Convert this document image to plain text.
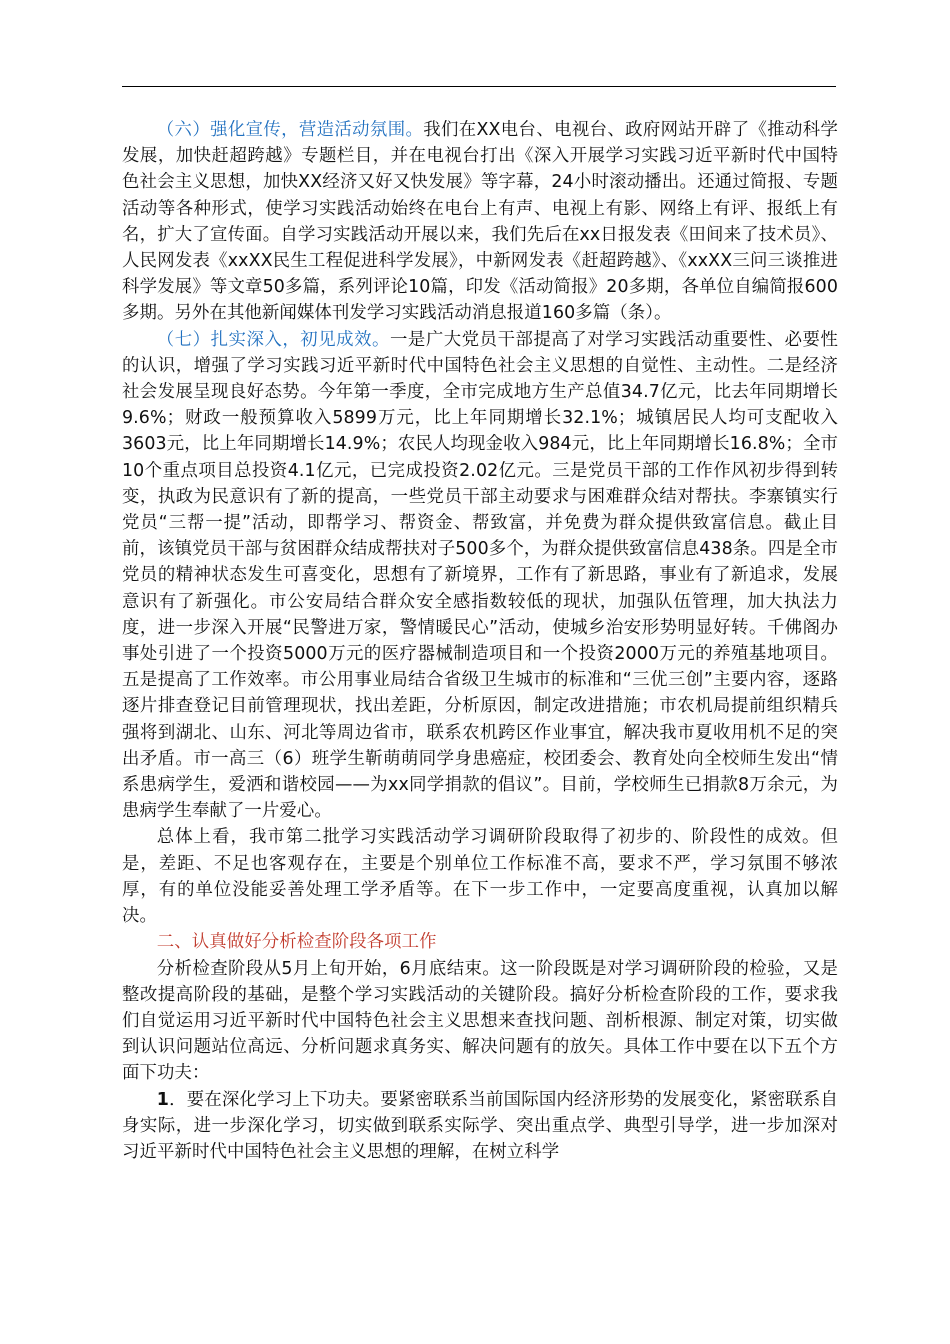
（六）强化宣传，营造活动氛围。我们在XX电台、电视台、政府网站开辟了《推动科学发展，加快赶超跨越》专题栏目，并在电视台打出《深入开展学习实践习近平新时代中国特色社会主义思想，加快XX经济又好又快发展》等字幕，24小时滚动播出。还通过简报、专题活动等各种形式，使学习实践活动始终在电台上有声、电视上有影、网络上有评、报纸上有名，扩大了宣传面。自学习实践活动开展以来，我们先后在xx日报发表《田间来了技术员》、人民网发表《xxXX民生工程促进科学发展》，中新网发表《赶超跨越》、《xxXX三问三谈推进科学发展》等文章50多篇，系列评论10篇，印发《活动简报》20多期，各单位自编简报600多期。另外在其他新闻媒体刊发学习实践活动消息报道160多篇（条）。

（七）扎实深入，初见成效。一是广大党员干部提高了对学习实践活动重要性、必要性的认识，增强了学习实践习近平新时代中国特色社会主义思想的自觉性、主动性。二是经济社会发展呈现良好态势。今年第一季度，全市完成地方生产总值34.7亿元，比去年同期增长9.6%；财政一般预算收入5899万元，比上年同期增长32.1%；城镇居民人均可支配收入3603元，比上年同期增长14.9%；农民人均现金收入984元，比上年同期增长16.8%；全市10个重点项目总投资4.1亿元，已完成投资2.02亿元。三是党员干部的工作作风初步得到转变，执政为民意识有了新的提高，一些党员干部主动要求与困难群众结对帮扶。李寨镇实行党员“三帮一提”活动，即帮学习、帮资金、帮致富，并免费为群众提供致富信息。截止目前，该镇党员干部与贫困群众结成帮扶对子500多个，为群众提供致富信息438条。四是全市党员的精神状态发生可喜变化，思想有了新境界，工作有了新思路，事业有了新追求，发展意识有了新强化。市公安局结合群众安全感指数较低的现状，加强队伍管理，加大执法力度，进一步深入开展“民警进万家，警情暖民心”活动，使城乡治安形势明显好转。千佛阁办事处引进了一个投资5000万元的医疗器械制造项目和一个投资2000万元的养殖基地项目。五是提高了工作效率。市公用事业局结合省级卫生城市的标准和“三优三创”主要内容，逐路逐片排查登记目前管理现状，找出差距，分析原因，制定改进措施；市农机局提前组织精兵强将到湖北、山东、河北等周边省市，联系农机跨区作业事宜，解决我市夏收用机不足的突出矛盾。市一高三（6）班学生靳萌萌同学身患癌症，校团委会、教育处向全校师生发出“情系患病学生，爱洒和谐校园——为xx同学捐款的倡议”。目前，学校师生已捐款8万余元，为患病学生奉献了一片爱心。

总体上看，我市第二批学习实践活动学习调研阶段取得了初步的、阶段性的成效。但是，差距、不足也客观存在，主要是个别单位工作标准不高，要求不严，学习氛围不够浓厚，有的单位没能妥善处理工学矛盾等。在下一步工作中，一定要高度重视，认真加以解决。

二、认真做好分析检查阶段各项工作

分析检查阶段从5月上旬开始，6月底结束。这一阶段既是对学习调研阶段的检验，又是整改提高阶段的基础，是整个学习实践活动的关键阶段。搞好分析检查阶段的工作，要求我们自觉运用习近平新时代中国特色社会主义思想来查找问题、剖析根源、制定对策，切实做到认识问题站位高远、分析问题求真务实、解决问题有的放矢。具体工作中要在以下五个方面下功夫：

1．要在深化学习上下功夫。要紧密联系当前国际国内经济形势的发展变化，紧密联系自身实际，进一步深化学习，切实做到联系实际学、突出重点学、典型引导学，进一步加深对习近平新时代中国特色社会主义思想的理解，在树立科学
